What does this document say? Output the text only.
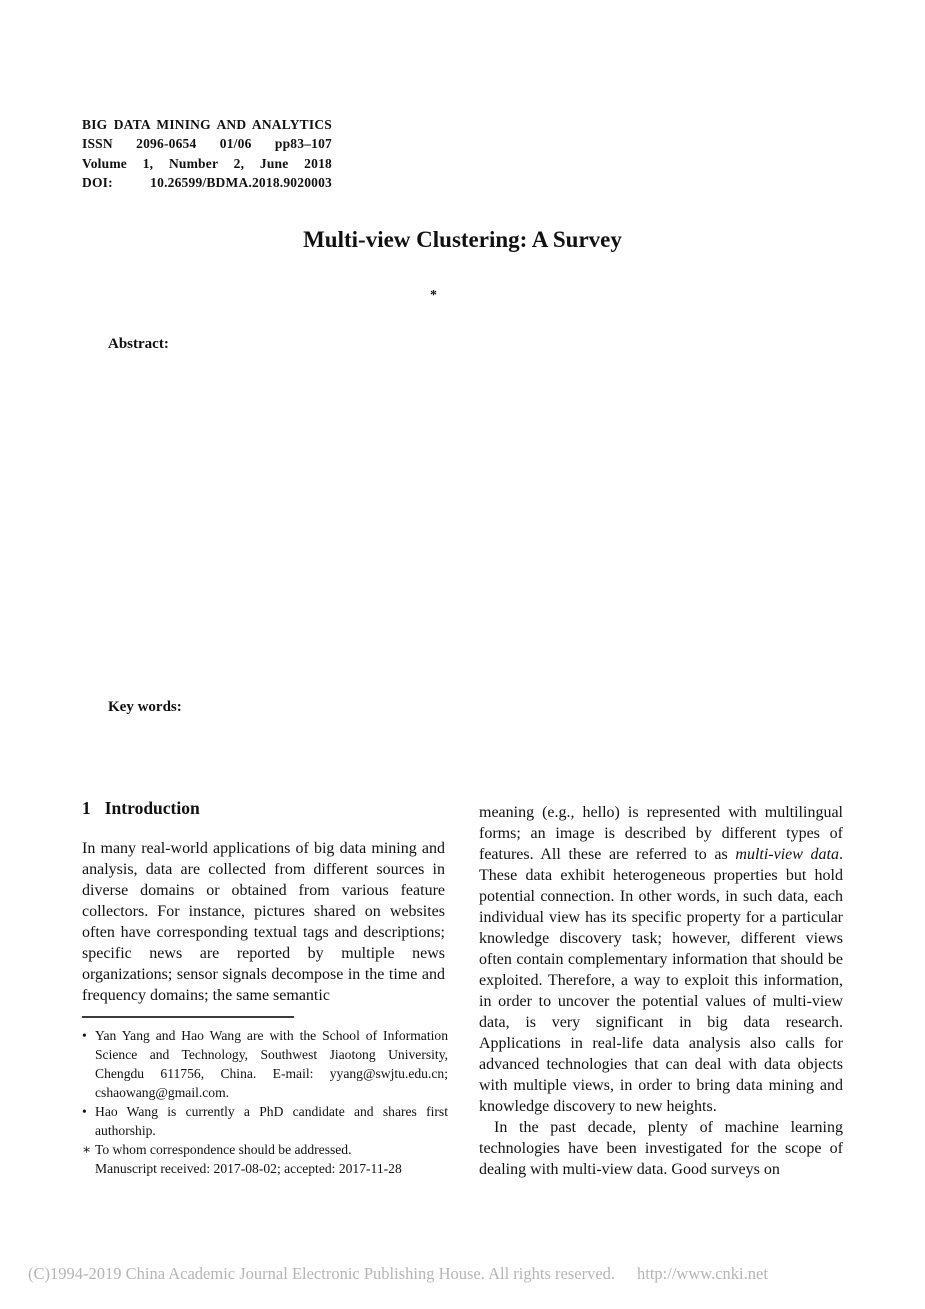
BIG DATA MINING AND ANALYTICS
ISSN 2096-0654 01/06 pp83–107
Volume 1, Number 2, June 2018
DOI: 10.26599/BDMA.2018.9020003
Multi-view Clustering: A Survey
*
Abstract:
Key words:
1 Introduction

In many real-world applications of big data mining and analysis, data are collected from different sources in diverse domains or obtained from various feature collectors. For instance, pictures shared on websites often have corresponding textual tags and descriptions; specific news are reported by multiple news organizations; sensor signals decompose in the time and frequency domains; the same semantic

meaning (e.g., hello) is represented with multilingual forms; an image is described by different types of features. All these are referred to as multi-view data. These data exhibit heterogeneous properties but hold potential connection. In other words, in such data, each individual view has its specific property for a particular knowledge discovery task; however, different views often contain complementary information that should be exploited. Therefore, a way to exploit this information, in order to uncover the potential values of multi-view data, is very significant in big data research. Applications in real-life data analysis also calls for advanced technologies that can deal with data objects with multiple views, in order to bring data mining and knowledge discovery to new heights.

In the past decade, plenty of machine learning technologies have been investigated for the scope of dealing with multi-view data. Good surveys on

• Yan Yang and Hao Wang are with the School of Information Science and Technology, Southwest Jiaotong University, Chengdu 611756, China. E-mail: yyang@swjtu.edu.cn; cshaowang@gmail.com.
• Hao Wang is currently a PhD candidate and shares first authorship.
∗ To whom correspondence should be addressed.
Manuscript received: 2017-08-02; accepted: 2017-11-28
(C)1994-2019 China Academic Journal Electronic Publishing House. All rights reserved. http://www.cnki.net
